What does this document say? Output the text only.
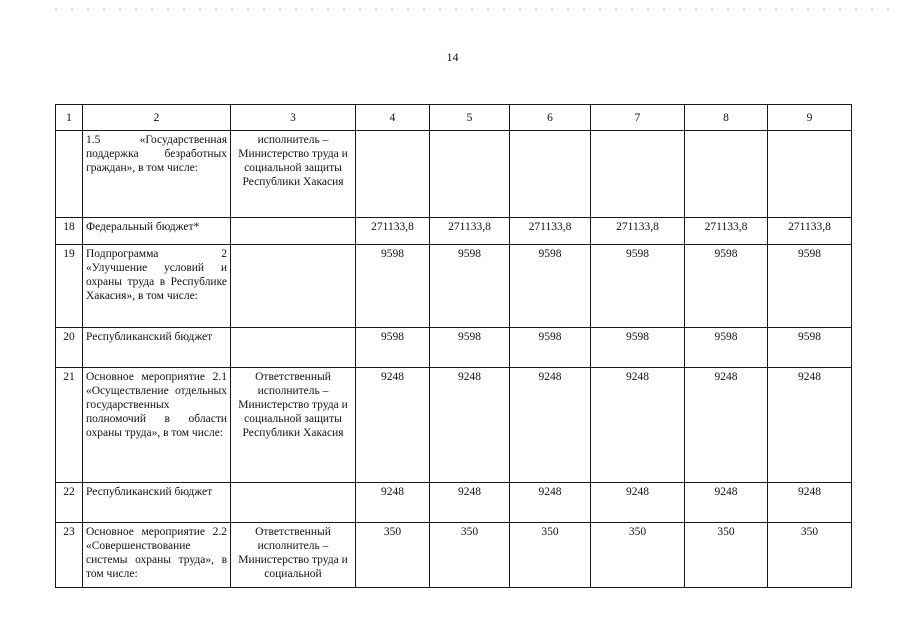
14
1	2	3	4	5	6	7	8	9
	1.5 «Государственная поддержка безработных граждан», в том числе:	исполнитель – Министерство труда и социальной защиты Республики Хакасия						
18	Федеральный бюджет*		271133,8	271133,8	271133,8	271133,8	271133,8	271133,8
19	Подпрограмма 2 «Улучшение условий и охраны труда в Республике Хакасия», в том числе:		9598	9598	9598	9598	9598	9598
20	Республиканский бюджет		9598	9598	9598	9598	9598	9598
21	Основное мероприятие 2.1 «Осуществление отдельных государственных полномочий в области охраны труда», в том числе:	Ответственный исполнитель – Министерство труда и социальной защиты Республики Хакасия	9248	9248	9248	9248	9248	9248
22	Республиканский бюджет		9248	9248	9248	9248	9248	9248
23	Основное мероприятие 2.2 «Совершенствование системы охраны труда», в том числе:	Ответственный исполнитель – Министерство труда и социальной	350	350	350	350	350	350
